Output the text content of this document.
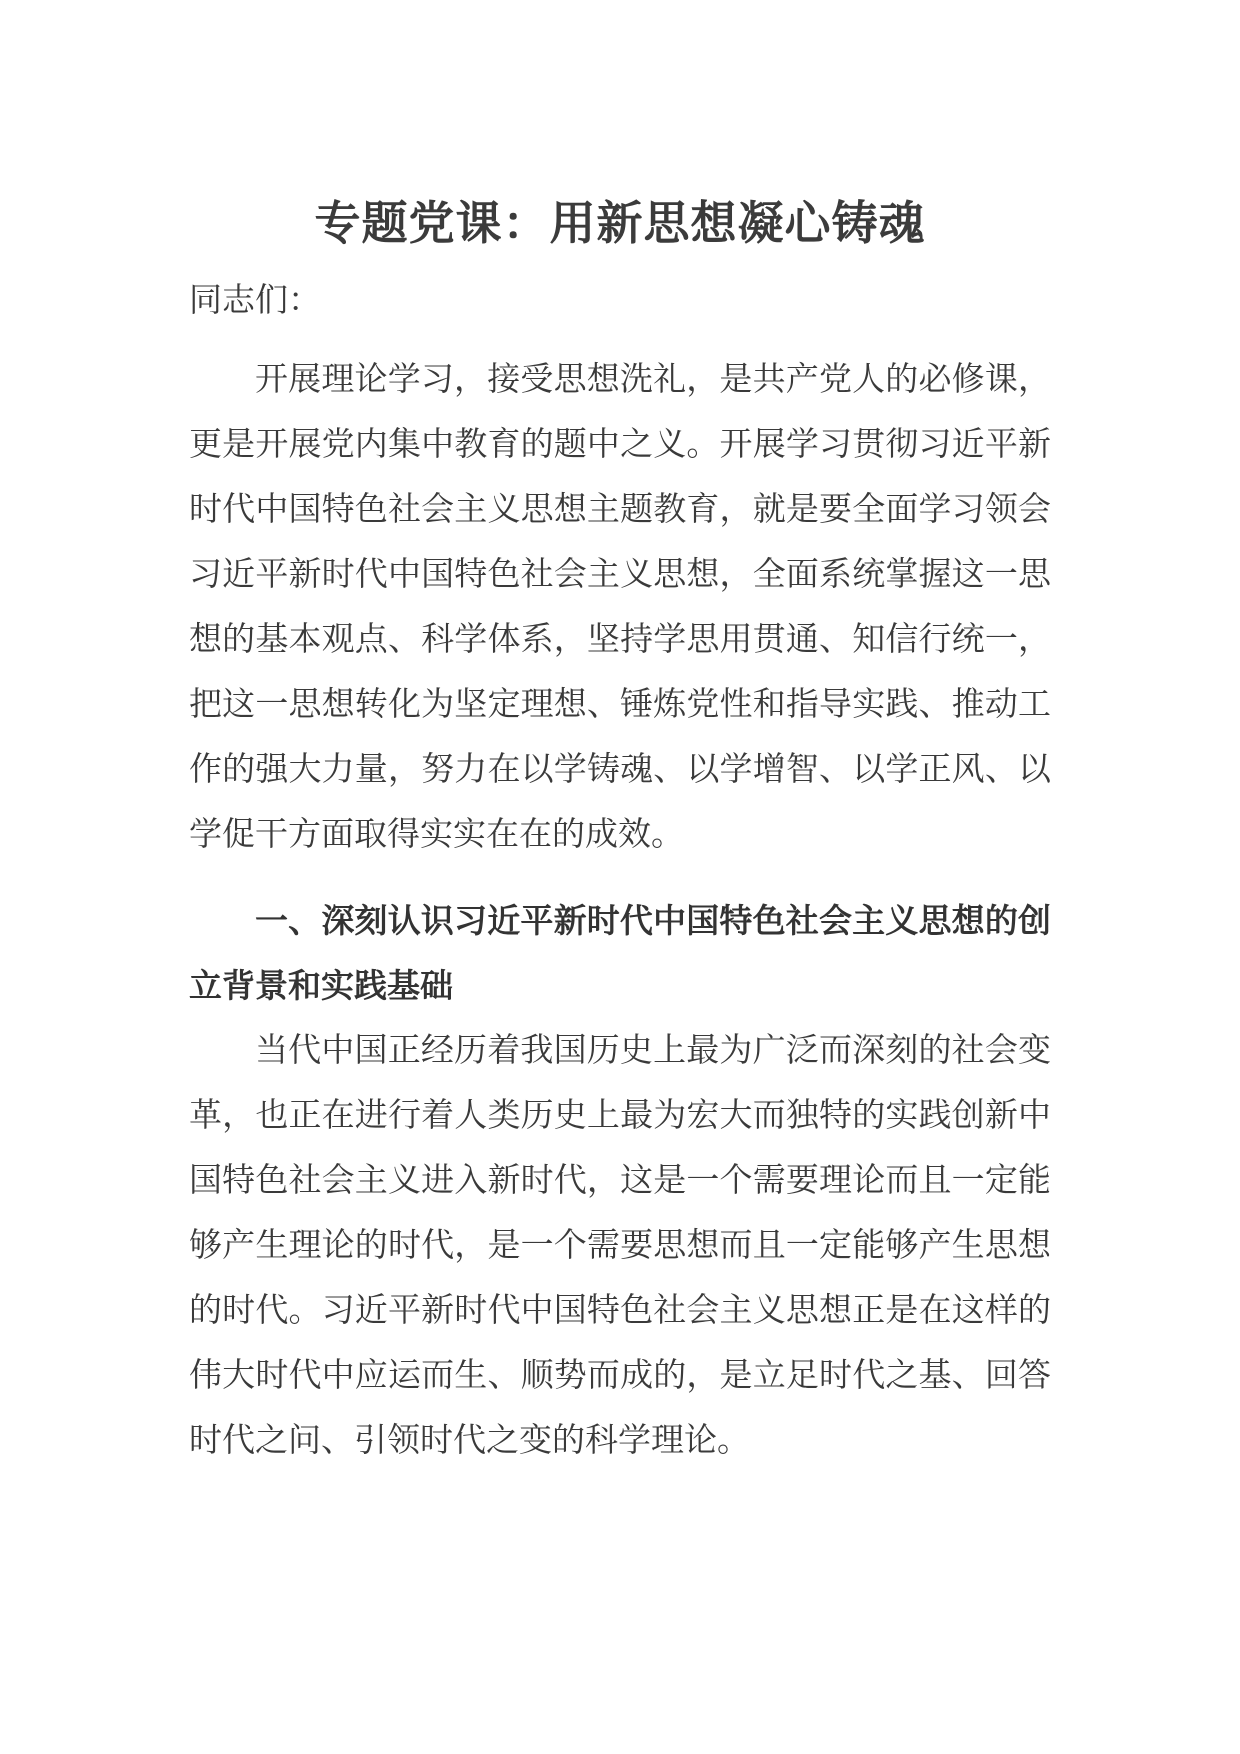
专题党课：用新思想凝心铸魂
同志们：

开展理论学习，接受思想洗礼，是共产党人的必修课，更是开展党内集中教育的题中之义。开展学习贯彻习近平新时代中国特色社会主义思想主题教育，就是要全面学习领会习近平新时代中国特色社会主义思想，全面系统掌握这一思想的基本观点、科学体系，坚持学思用贯通、知信行统一，把这一思想转化为坚定理想、锤炼党性和指导实践、推动工作的强大力量，努力在以学铸魂、以学增智、以学正风、以学促干方面取得实实在在的成效。

一、深刻认识习近平新时代中国特色社会主义思想的创立背景和实践基础

当代中国正经历着我国历史上最为广泛而深刻的社会变革，也正在进行着人类历史上最为宏大而独特的实践创新中国特色社会主义进入新时代，这是一个需要理论而且一定能够产生理论的时代，是一个需要思想而且一定能够产生思想的时代。习近平新时代中国特色社会主义思想正是在这样的伟大时代中应运而生、顺势而成的，是立足时代之基、回答时代之问、引领时代之变的科学理论。
